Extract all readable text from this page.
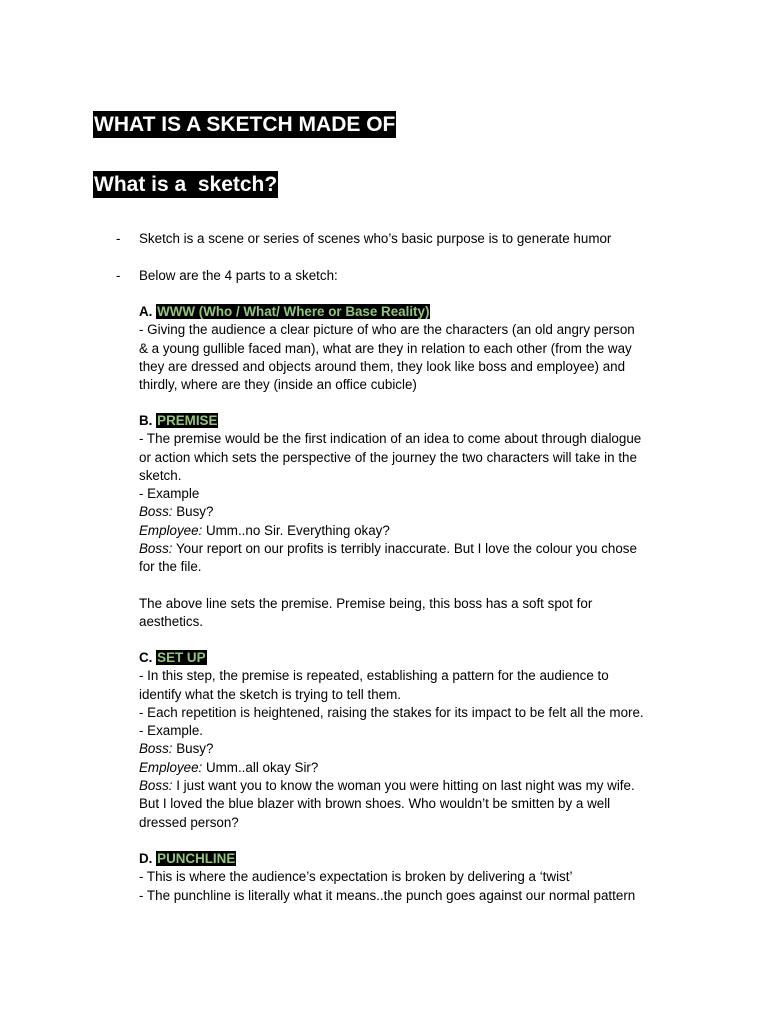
WHAT IS A SKETCH MADE OF
What is a  sketch?
- Sketch is a scene or series of scenes who’s basic purpose is to generate humor
- Below are the 4 parts to a sketch:
A. WWW (Who / What/ Where or Base Reality)
- Giving the audience a clear picture of who are the characters (an old angry person
& a young gullible faced man), what are they in relation to each other (from the way
they are dressed and objects around them, they look like boss and employee) and
thirdly, where are they (inside an office cubicle)
B. PREMISE
- The premise would be the first indication of an idea to come about through dialogue
or action which sets the perspective of the journey the two characters will take in the
sketch.
- Example
Boss: Busy?
Employee: Umm..no Sir. Everything okay?
Boss: Your report on our profits is terribly inaccurate. But I love the colour you chose
for the file.
The above line sets the premise. Premise being, this boss has a soft spot for
aesthetics.
C. SET UP
- In this step, the premise is repeated, establishing a pattern for the audience to
identify what the sketch is trying to tell them.
- Each repetition is heightened, raising the stakes for its impact to be felt all the more.
- Example.
Boss: Busy?
Employee: Umm..all okay Sir?
Boss: I just want you to know the woman you were hitting on last night was my wife.
But I loved the blue blazer with brown shoes. Who wouldn’t be smitten by a well
dressed person?
D. PUNCHLINE
- This is where the audience’s expectation is broken by delivering a ‘twist’
- The punchline is literally what it means..the punch goes against our normal pattern
